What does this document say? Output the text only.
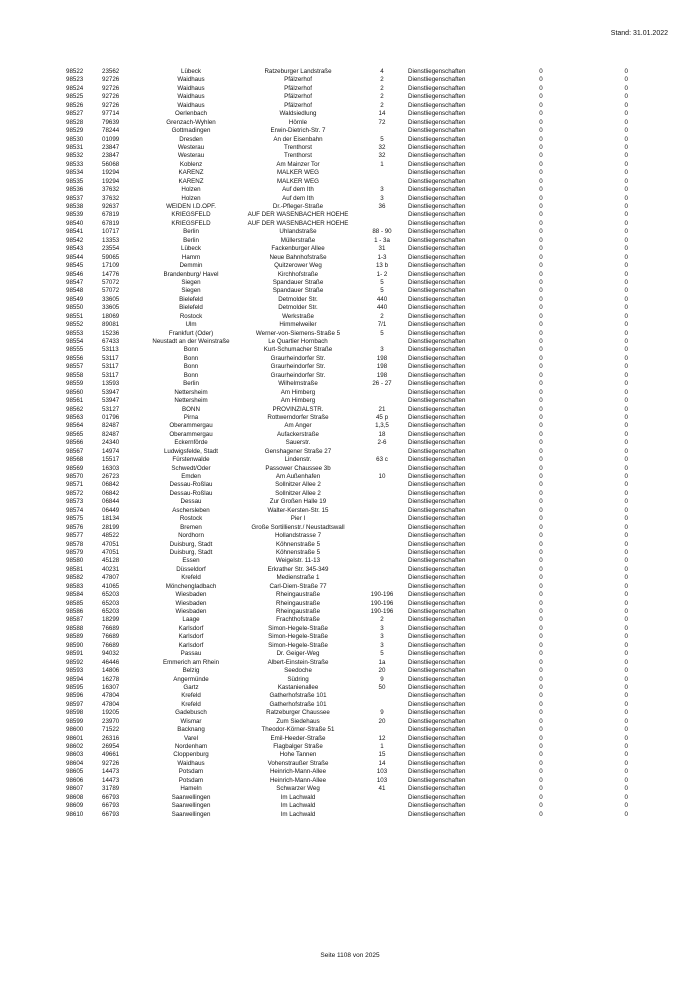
Stand: 31.01.2022
98522	23562	Lübeck	Ratzeburger Landstraße	4	Dienstliegenschaften	0	0
98523	92726	Waidhaus	Pfälzerhof	2	Dienstliegenschaften	0	0
98524	92726	Waidhaus	Pfälzerhof	2	Dienstliegenschaften	0	0
98525	92726	Waidhaus	Pfälzerhof	2	Dienstliegenschaften	0	0
98526	92726	Waidhaus	Pfälzerhof	2	Dienstliegenschaften	0	0
98527	97714	Oerlenbach	Waldsiedlung	14	Dienstliegenschaften	0	0
98528	79639	Grenzach-Wyhlen	Hörnle	72	Dienstliegenschaften	0	0
98529	78244	Gottmadingen	Erwin-Dietrich-Str. 7		Dienstliegenschaften	0	0
98530	01099	Dresden	An der Eisenbahn	5	Dienstliegenschaften	0	0
98531	23847	Westerau	Trenthorst	32	Dienstliegenschaften	0	0
98532	23847	Westerau	Trenthorst	32	Dienstliegenschaften	0	0
98533	56068	Koblenz	Am Mainzer Tor	1	Dienstliegenschaften	0	0
98534	19294	KARENZ	MALKER WEG		Dienstliegenschaften	0	0
98535	19294	KARENZ	MALKER WEG		Dienstliegenschaften	0	0
98536	37632	Holzen	Auf dem Ith	3	Dienstliegenschaften	0	0
98537	37632	Holzen	Auf dem Ith	3	Dienstliegenschaften	0	0
98538	92637	WEIDEN I.D.OPF.	Dr.-Pfleger-Straße	36	Dienstliegenschaften	0	0
98539	67819	KRIEGSFELD	AUF DER WASENBACHER HOEHE		Dienstliegenschaften	0	0
98540	67819	KRIEGSFELD	AUF DER WASENBACHER HOEHE		Dienstliegenschaften	0	0
98541	10717	Berlin	Uhlandstraße	88 - 90	Dienstliegenschaften	0	0
98542	13353	Berlin	Müllerstraße	1 - 3a	Dienstliegenschaften	0	0
98543	23554	Lübeck	Fackenburger Allee	31	Dienstliegenschaften	0	0
98544	59065	Hamm	Neue Bahnhofstraße	1-3	Dienstliegenschaften	0	0
98545	17109	Demmin	Quitzerower Weg	13 b	Dienstliegenschaften	0	0
98546	14776	Brandenburg/ Havel	Kirchhofstraße	1- 2	Dienstliegenschaften	0	0
98547	57072	Siegen	Spandauer Straße	5	Dienstliegenschaften	0	0
98548	57072	Siegen	Spandauer Straße	5	Dienstliegenschaften	0	0
98549	33605	Bielefeld	Detmolder Str.	440	Dienstliegenschaften	0	0
98550	33605	Bielefeld	Detmolder Str.	440	Dienstliegenschaften	0	0
98551	18069	Rostock	Werkstraße	2	Dienstliegenschaften	0	0
98552	89081	Ulm	Himmelweiler	7/1	Dienstliegenschaften	0	0
98553	15236	Frankfurt (Oder)	Werner-von-Siemens-Straße 5	5	Dienstliegenschaften	0	0
98554	67433	Neustadt an der Weinstraße	Le Quartier Hornbach		Dienstliegenschaften	0	0
98555	53113	Bonn	Kurt-Schumacher Straße	3	Dienstliegenschaften	0	0
98556	53117	Bonn	Graurheindorfer Str.	198	Dienstliegenschaften	0	0
98557	53117	Bonn	Graurheindorfer Str.	198	Dienstliegenschaften	0	0
98558	53117	Bonn	Graurheindorfer Str.	198	Dienstliegenschaften	0	0
98559	13593	Berlin	Wilhelmstraße	26 - 27	Dienstliegenschaften	0	0
98560	53947	Nettersheim	Am Himberg		Dienstliegenschaften	0	0
98561	53947	Nettersheim	Am Himberg		Dienstliegenschaften	0	0
98562	53127	BONN	PROVINZIALSTR.	21	Dienstliegenschaften	0	0
98563	01796	Pirna	Rottwerndorfer Straße	45 p	Dienstliegenschaften	0	0
98564	82487	Oberammergau	Am Anger	1,3,5	Dienstliegenschaften	0	0
98565	82487	Oberammergau	Aufackerstraße	18	Dienstliegenschaften	0	0
98566	24340	Eckernförde	Sauerstr.	2-6	Dienstliegenschaften	0	0
98567	14974	Ludwigsfelde, Stadt	Genshagener Straße 27		Dienstliegenschaften	0	0
98568	15517	Fürstenwalde	Lindenstr.	63 c	Dienstliegenschaften	0	0
98569	16303	Schwedt/Oder	Passower Chaussee 3b		Dienstliegenschaften	0	0
98570	26723	Emden	Am Außenhafen	10	Dienstliegenschaften	0	0
98571	06842	Dessau-Roßlau	Sollnitzer Allee 2		Dienstliegenschaften	0	0
98572	06842	Dessau-Roßlau	Sollnitzer Allee 2		Dienstliegenschaften	0	0
98573	06844	Dessau	Zur Großen Halle 19		Dienstliegenschaften	0	0
98574	06449	Aschersleben	Walter-Kersten-Str. 15		Dienstliegenschaften	0	0
98575	18134	Rostock	Pier I		Dienstliegenschaften	0	0
98576	28199	Bremen	Große Sortillienstr./ Neustadtswall		Dienstliegenschaften	0	0
98577	48522	Nordhorn	Hollandstrasse 7		Dienstliegenschaften	0	0
98578	47051	Duisburg, Stadt	Köhnenstraße 5		Dienstliegenschaften	0	0
98579	47051	Duisburg, Stadt	Köhnenstraße 5		Dienstliegenschaften	0	0
98580	45128	Essen	Weigelstr. 11-13		Dienstliegenschaften	0	0
98581	40231	Düsseldorf	Erkrather Str. 345-349		Dienstliegenschaften	0	0
98582	47807	Krefeld	Medienstraße 1		Dienstliegenschaften	0	0
98583	41065	Mönchengladbach	Carl-Diem-Straße 77		Dienstliegenschaften	0	0
98584	65203	Wiesbaden	Rheingaustraße	190-196	Dienstliegenschaften	0	0
98585	65203	Wiesbaden	Rheingaustraße	190-196	Dienstliegenschaften	0	0
98586	65203	Wiesbaden	Rheingaustraße	190-196	Dienstliegenschaften	0	0
98587	18299	Laage	Frachthofstraße	2	Dienstliegenschaften	0	0
98588	76689	Karlsdorf	Simon-Hegele-Straße	3	Dienstliegenschaften	0	0
98589	76689	Karlsdorf	Simon-Hegele-Straße	3	Dienstliegenschaften	0	0
98590	76689	Karlsdorf	Simon-Hegele-Straße	3	Dienstliegenschaften	0	0
98591	94032	Passau	Dr. Geiger-Weg	5	Dienstliegenschaften	0	0
98592	46446	Emmerich am Rhein	Albert-Einstein-Straße	1a	Dienstliegenschaften	0	0
98593	14806	Belzig	Seedoche	20	Dienstliegenschaften	0	0
98594	16278	Angermünde	Südring	9	Dienstliegenschaften	0	0
98595	16307	Gartz	Kastanienallee	50	Dienstliegenschaften	0	0
98596	47804	Krefeld	Gatherhofstraße 101		Dienstliegenschaften	0	0
98597	47804	Krefeld	Gatherhofstraße 101		Dienstliegenschaften	0	0
98598	19205	Gadebusch	Ratzeburger Chaussee	9	Dienstliegenschaften	0	0
98599	23970	Wismar	Zum Siedehaus	20	Dienstliegenschaften	0	0
98600	71522	Backnang	Theodor-Körner-Straße 51		Dienstliegenschaften	0	0
98601	26316	Varel	Emil-Heeder-Straße	12	Dienstliegenschaften	0	0
98602	26954	Nordenham	Flagbalger Straße	1	Dienstliegenschaften	0	0
98603	49661	Cloppenburg	Hohe Tannen	15	Dienstliegenschaften	0	0
98604	92726	Waidhaus	Vohenstraußer Straße	14	Dienstliegenschaften	0	0
98605	14473	Potsdam	Heinrich-Mann-Allee	103	Dienstliegenschaften	0	0
98606	14473	Potsdam	Heinrich-Mann-Allee	103	Dienstliegenschaften	0	0
98607	31789	Hameln	Schwarzer Weg	41	Dienstliegenschaften	0	0
98608	66793	Saarwellingen	Im Lachwald		Dienstliegenschaften	0	0
98609	66793	Saarwellingen	Im Lachwald		Dienstliegenschaften	0	0
98610	66793	Saarwellingen	Im Lachwald		Dienstliegenschaften	0	0
Seite 1108 von 2025
